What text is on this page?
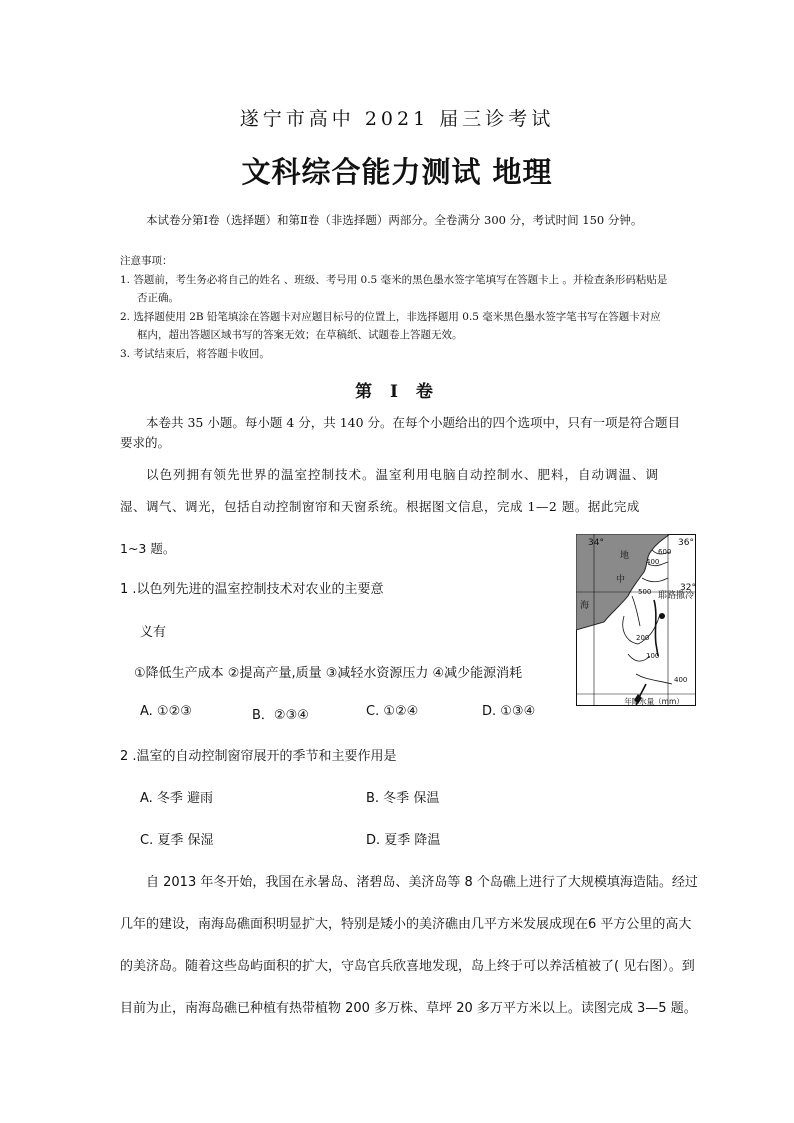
遂宁市高中 2021 届三诊考试
文科综合能力测试 地理
本试卷分第Ⅰ卷（选择题）和第Ⅱ卷（非选择题）两部分。全卷满分 300 分，考试时间 150 分钟。
注意事项：
1. 答题前，考生务必将自己的姓名 、班级、考号用 0.5 毫米的黑色墨水签字笔填写在答题卡上 。并检查条形码粘贴是
否正确。
2. 选择题使用 2B 铅笔填涂在答题卡对应题目标号的位置上，非选择题用 0.5 毫米黑色墨水签字笔书写在答题卡对应
框内，超出答题区域书写的答案无效；在草稿纸、试题卷上答题无效。
3. 考试结束后，将答题卡收回。
第 Ⅰ 卷
本卷共 35 小题。每小题 4 分，共 140 分。在每个小题给出的四个选项中，只有一项是符合题目
要求的。
以色列拥有领先世界的温室控制技术。温室利用电脑自动控制水、肥料，自动调温、调
湿、调气、调光，包括自动控制窗帘和天窗系统。根据图文信息，完成 1—2 题。据此完成
1~3 题。
1 .以色列先进的温室控制技术对农业的主要意
义有
①降低生产成本 ②提高产量,质量 ③减轻水资源压力 ④减少能源消耗
A. ①②③	B．②③④	C. ①②④	D. ①③④
2 .温室的自动控制窗帘展开的季节和主要作用是
A. 冬季 避雨	B. 冬季 保温
C. 夏季 保湿	D. 夏季 降温
自 2013 年冬开始，我国在永暑岛、渚碧岛、美济岛等 8 个岛礁上进行了大规模填海造陆。经过
几年的建设，南海岛礁面积明显扩大，特别是矮小的美济礁由几平方米发展成现在6 平方公里的高大
的美济岛。随着这些岛屿面积的扩大，守岛官兵欣喜地发现，岛上终于可以养活植被了( 见右图）。到
目前为止，南海岛礁已种植有热带植物 200 多万株、草坪 20 多万平方米以上。读图完成 3—5 题。
34°	36°
32°
地
中
海
耶路撒冷
600
500
400
200
100
400
年降水量（mm）
